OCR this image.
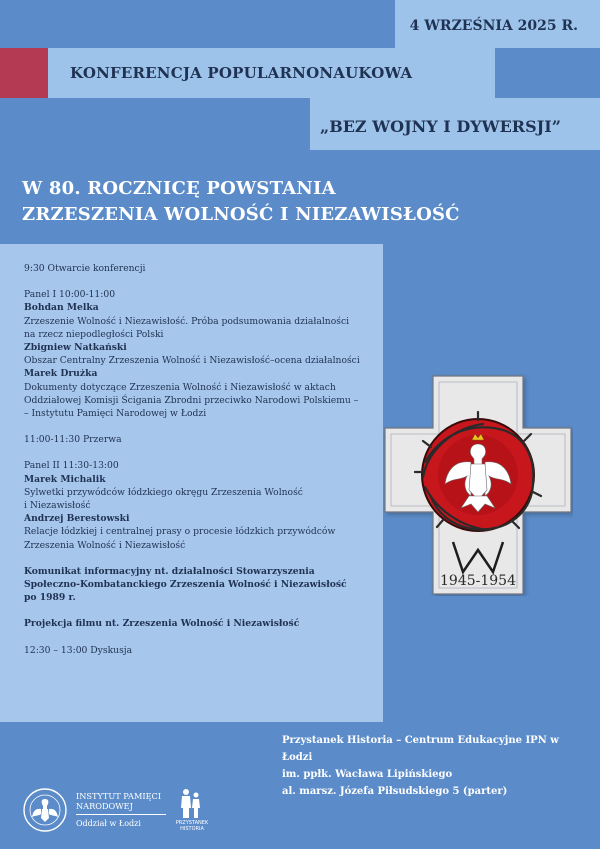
4 WRZEŚNIA 2025 R.
KONFERENCJA POPULARNONAUKOWA
„BEZ WOJNY I DYWERSJI”
W 80. ROCZNICĘ POWSTANIA
ZRZESZENIA WOLNOŚĆ I NIEZAWISŁOŚĆ
9:30 Otwarcie konferencji
Panel I 10:00-11:00
Bohdan Melka
Zrzeszenie Wolność i Niezawisłość. Próba podsumowania działalności
na rzecz niepodległości Polski
Zbigniew Natkański
Obszar Centralny Zrzeszenia Wolność i Niezawisłość–ocena działalności
Marek Drużka
Dokumenty dotyczące Zrzeszenia Wolność i Niezawisłość w aktach
Oddziałowej Komisji Ścigania Zbrodni przeciwko Narodowi Polskiemu –
– Instytutu Pamięci Narodowej w Łodzi
11:00-11:30 Przerwa
Panel II 11:30-13:00
Marek Michalik
Sylwetki przywódców łódzkiego okręgu Zrzeszenia Wolność
i Niezawisłość
Andrzej Berestowski
Relacje łódzkiej i centralnej prasy o procesie łódzkich przywódców
Zrzeszenia Wolność i Niezawisłość
Komunikat informacyjny nt. działalności Stowarzyszenia
Społeczno-Kombatanckiego Zrzeszenia Wolność i Niezawisłość
po 1989 r.
Projekcja filmu nt. Zrzeszenia Wolność i Niezawisłość
12:30 – 13:00 Dyskusja
1945-1954
Przystanek Historia – Centrum Edukacyjne IPN w Łodzi
im. ppłk. Wacława Lipińskiego
al. marsz. Józefa Piłsudskiego 5 (parter)
INSTYTUT PAMIĘCI
NARODOWEJ
Oddział w Łodzi	PRZYSTANEK
HISTORIA
